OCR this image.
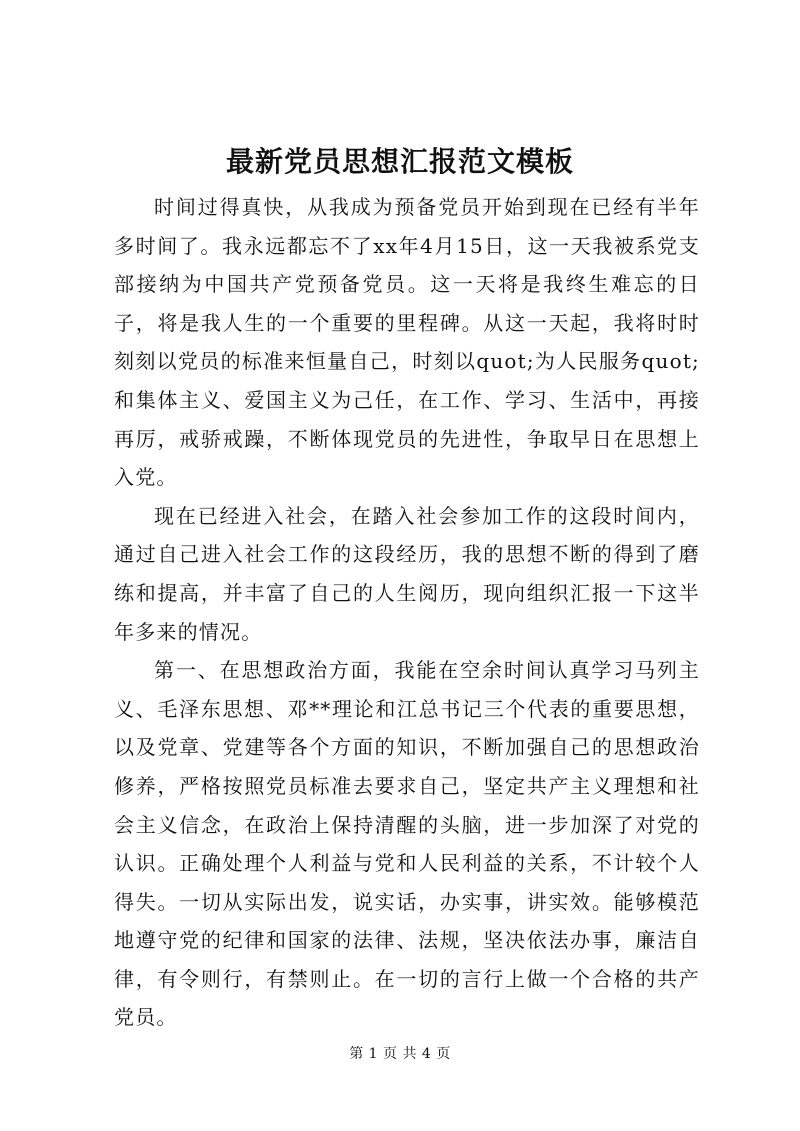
最新党员思想汇报范文模板

时间过得真快，从我成为预备党员开始到现在已经有半年多时间了。我永远都忘不了xx年4月15日，这一天我被系党支部接纳为中国共产党预备党员。这一天将是我终生难忘的日子，将是我人生的一个重要的里程碑。从这一天起，我将时时刻刻以党员的标准来恒量自己，时刻以quot;为人民服务quot;和集体主义、爱国主义为己任，在工作、学习、生活中，再接再厉，戒骄戒躁，不断体现党员的先进性，争取早日在思想上入党。

现在已经进入社会，在踏入社会参加工作的这段时间内，通过自己进入社会工作的这段经历，我的思想不断的得到了磨练和提高，并丰富了自己的人生阅历，现向组织汇报一下这半年多来的情况。

第一、在思想政治方面，我能在空余时间认真学习马列主义、毛泽东思想、邓**理论和江总书记三个代表的重要思想，以及党章、党建等各个方面的知识，不断加强自己的思想政治修养，严格按照党员标准去要求自己，坚定共产主义理想和社会主义信念，在政治上保持清醒的头脑，进一步加深了对党的认识。正确处理个人利益与党和人民利益的关系，不计较个人得失。一切从实际出发，说实话，办实事，讲实效。能够模范地遵守党的纪律和国家的法律、法规，坚决依法办事，廉洁自律，有令则行，有禁则止。在一切的言行上做一个合格的共产党员。

第 1 页 共 4 页
